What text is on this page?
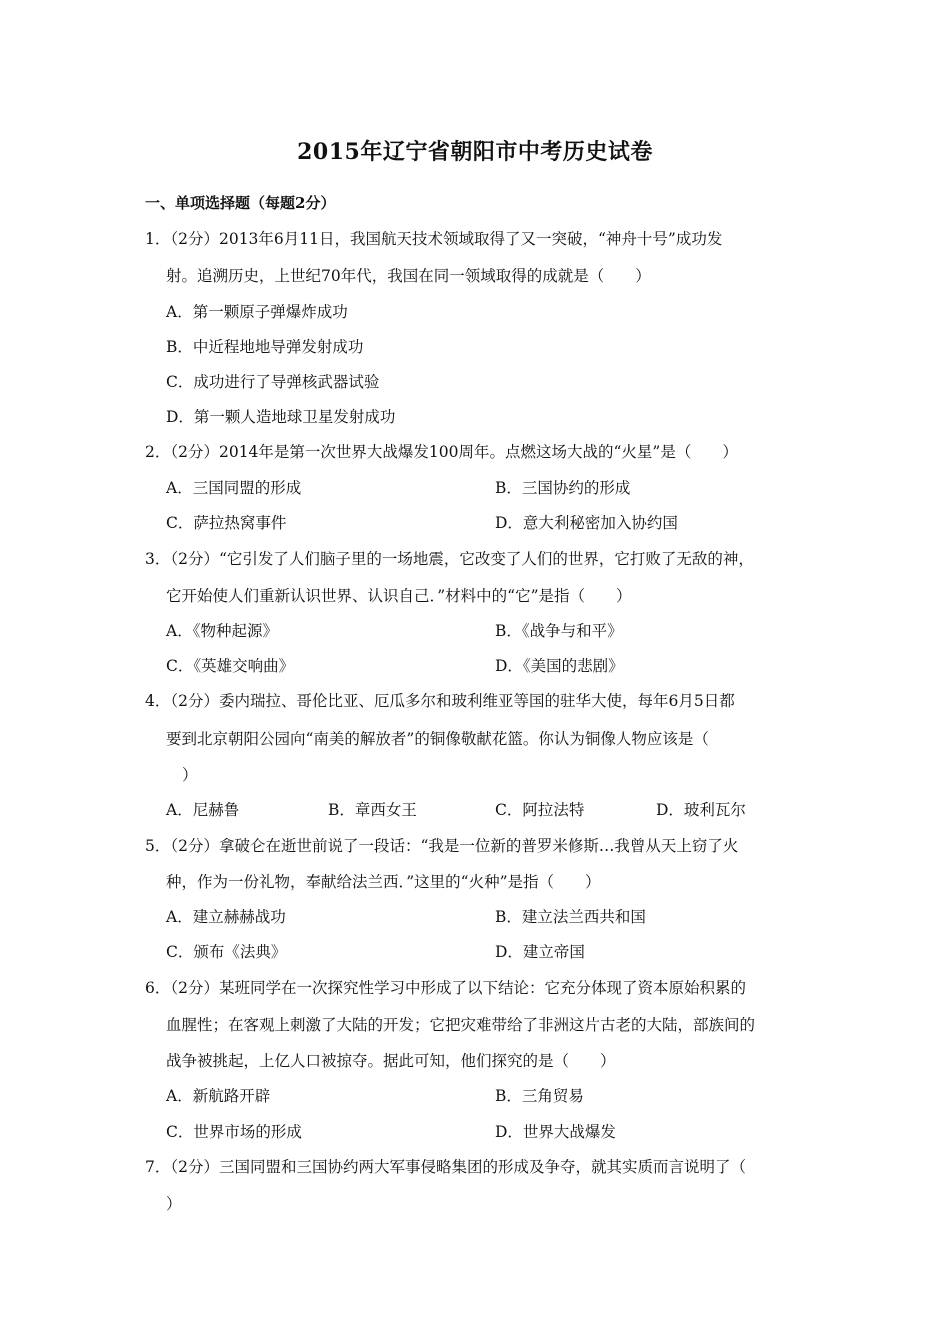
2015年辽宁省朝阳市中考历史试卷
一、单项选择题（每题2分）
1．（2分）2013年6月11日，我国航天技术领域取得了又一突破，“神舟十号”成功发
射。追溯历史，上世纪70年代，我国在同一领域取得的成就是（　　）
A．第一颗原子弹爆炸成功
B．中近程地地导弹发射成功
C．成功进行了导弹核武器试验
D．第一颗人造地球卫星发射成功
2．（2分）2014年是第一次世界大战爆发100周年。点燃这场大战的“火星”是（　　）
A．三国同盟的形成	B．三国协约的形成
C．萨拉热窝事件	D．意大利秘密加入协约国
3．（2分）“它引发了人们脑子里的一场地震，它改变了人们的世界，它打败了无敌的神，
它开始使人们重新认识世界、认识自己．”材料中的“它”是指（　　）
A．《物种起源》	B．《战争与和平》
C．《英雄交响曲》	D．《美国的悲剧》
4．（2分）委内瑞拉、哥伦比亚、厄瓜多尔和玻利维亚等国的驻华大使，每年6月5日都
要到北京朝阳公园向“南美的解放者”的铜像敬献花篮。你认为铜像人物应该是（
）
A．尼赫鲁	B．章西女王	C．阿拉法特	D．玻利瓦尔
5．（2分）拿破仑在逝世前说了一段话：“我是一位新的普罗米修斯…我曾从天上窃了火
种，作为一份礼物，奉献给法兰西．”这里的“火种”是指（　　）
A．建立赫赫战功	B．建立法兰西共和国
C．颁布《法典》	D．建立帝国
6．（2分）某班同学在一次探究性学习中形成了以下结论：它充分体现了资本原始积累的
血腥性；在客观上刺激了大陆的开发；它把灾难带给了非洲这片古老的大陆，部族间的
战争被挑起，上亿人口被掠夺。据此可知，他们探究的是（　　）
A．新航路开辟	B．三角贸易
C．世界市场的形成	D．世界大战爆发
7．（2分）三国同盟和三国协约两大军事侵略集团的形成及争夺，就其实质而言说明了（
）
